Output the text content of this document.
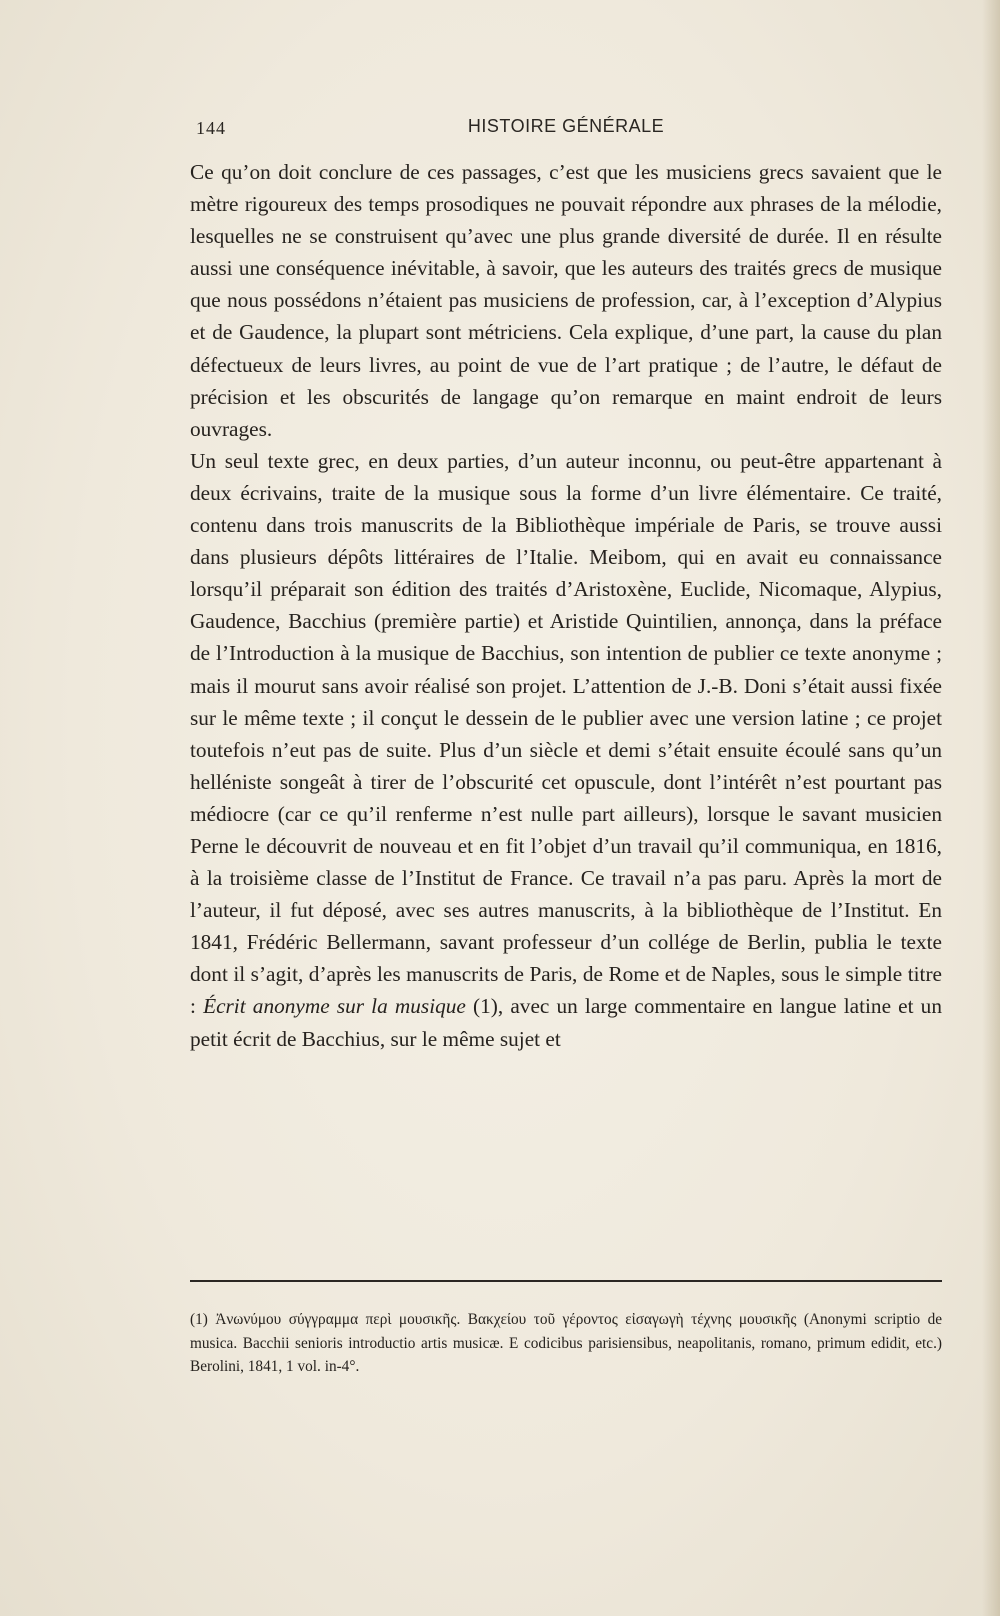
144	HISTOIRE GÉNÉRALE

Ce qu’on doit conclure de ces passages, c’est que les musiciens grecs savaient que le mètre rigoureux des temps prosodiques ne pouvait répondre aux phrases de la mélodie, lesquelles ne se construisent qu’avec une plus grande diversité de durée. Il en résulte aussi une conséquence inévitable, à savoir, que les auteurs des traités grecs de musique que nous possédons n’étaient pas musiciens de profession, car, à l’exception d’Alypius et de Gaudence, la plupart sont métriciens. Cela explique, d’une part, la cause du plan défectueux de leurs livres, au point de vue de l’art pratique ; de l’autre, le défaut de précision et les obscurités de langage qu’on remarque en maint endroit de leurs ouvrages.

Un seul texte grec, en deux parties, d’un auteur inconnu, ou peut-être appartenant à deux écrivains, traite de la musique sous la forme d’un livre élémentaire. Ce traité, contenu dans trois manuscrits de la Bibliothèque impériale de Paris, se trouve aussi dans plusieurs dépôts littéraires de l’Italie. Meibom, qui en avait eu connaissance lorsqu’il préparait son édition des traités d’Aristoxène, Euclide, Nicomaque, Alypius, Gaudence, Bacchius (première partie) et Aristide Quintilien, annonça, dans la préface de l’Introduction à la musique de Bacchius, son intention de publier ce texte anonyme ; mais il mourut sans avoir réalisé son projet. L’attention de J.-B. Doni s’était aussi fixée sur le même texte ; il conçut le dessein de le publier avec une version latine ; ce projet toutefois n’eut pas de suite. Plus d’un siècle et demi s’était ensuite écoulé sans qu’un helléniste songeât à tirer de l’obscurité cet opuscule, dont l’intérêt n’est pourtant pas médiocre (car ce qu’il renferme n’est nulle part ailleurs), lorsque le savant musicien Perne le découvrit de nouveau et en fit l’objet d’un travail qu’il communiqua, en 1816, à la troisième classe de l’Institut de France. Ce travail n’a pas paru. Après la mort de l’auteur, il fut déposé, avec ses autres manuscrits, à la bibliothèque de l’Institut. En 1841, Frédéric Bellermann, savant professeur d’un collége de Berlin, publia le texte dont il s’agit, d’après les manuscrits de Paris, de Rome et de Naples, sous le simple titre : Écrit anonyme sur la musique (1), avec un large commentaire en langue latine et un petit écrit de Bacchius, sur le même sujet et

(1) Ἀνωνύμου σύγγραμμα περὶ μουσικῆς. Βακχείου τοῦ γέροντος εἰσαγωγὴ τέχνης μουσικῆς (Anonymi scriptio de musica. Bacchii senioris introductio artis musicæ. E codicibus parisiensibus, neapolitanis, romano, primum edidit, etc.) Berolini, 1841, 1 vol. in-4°.
